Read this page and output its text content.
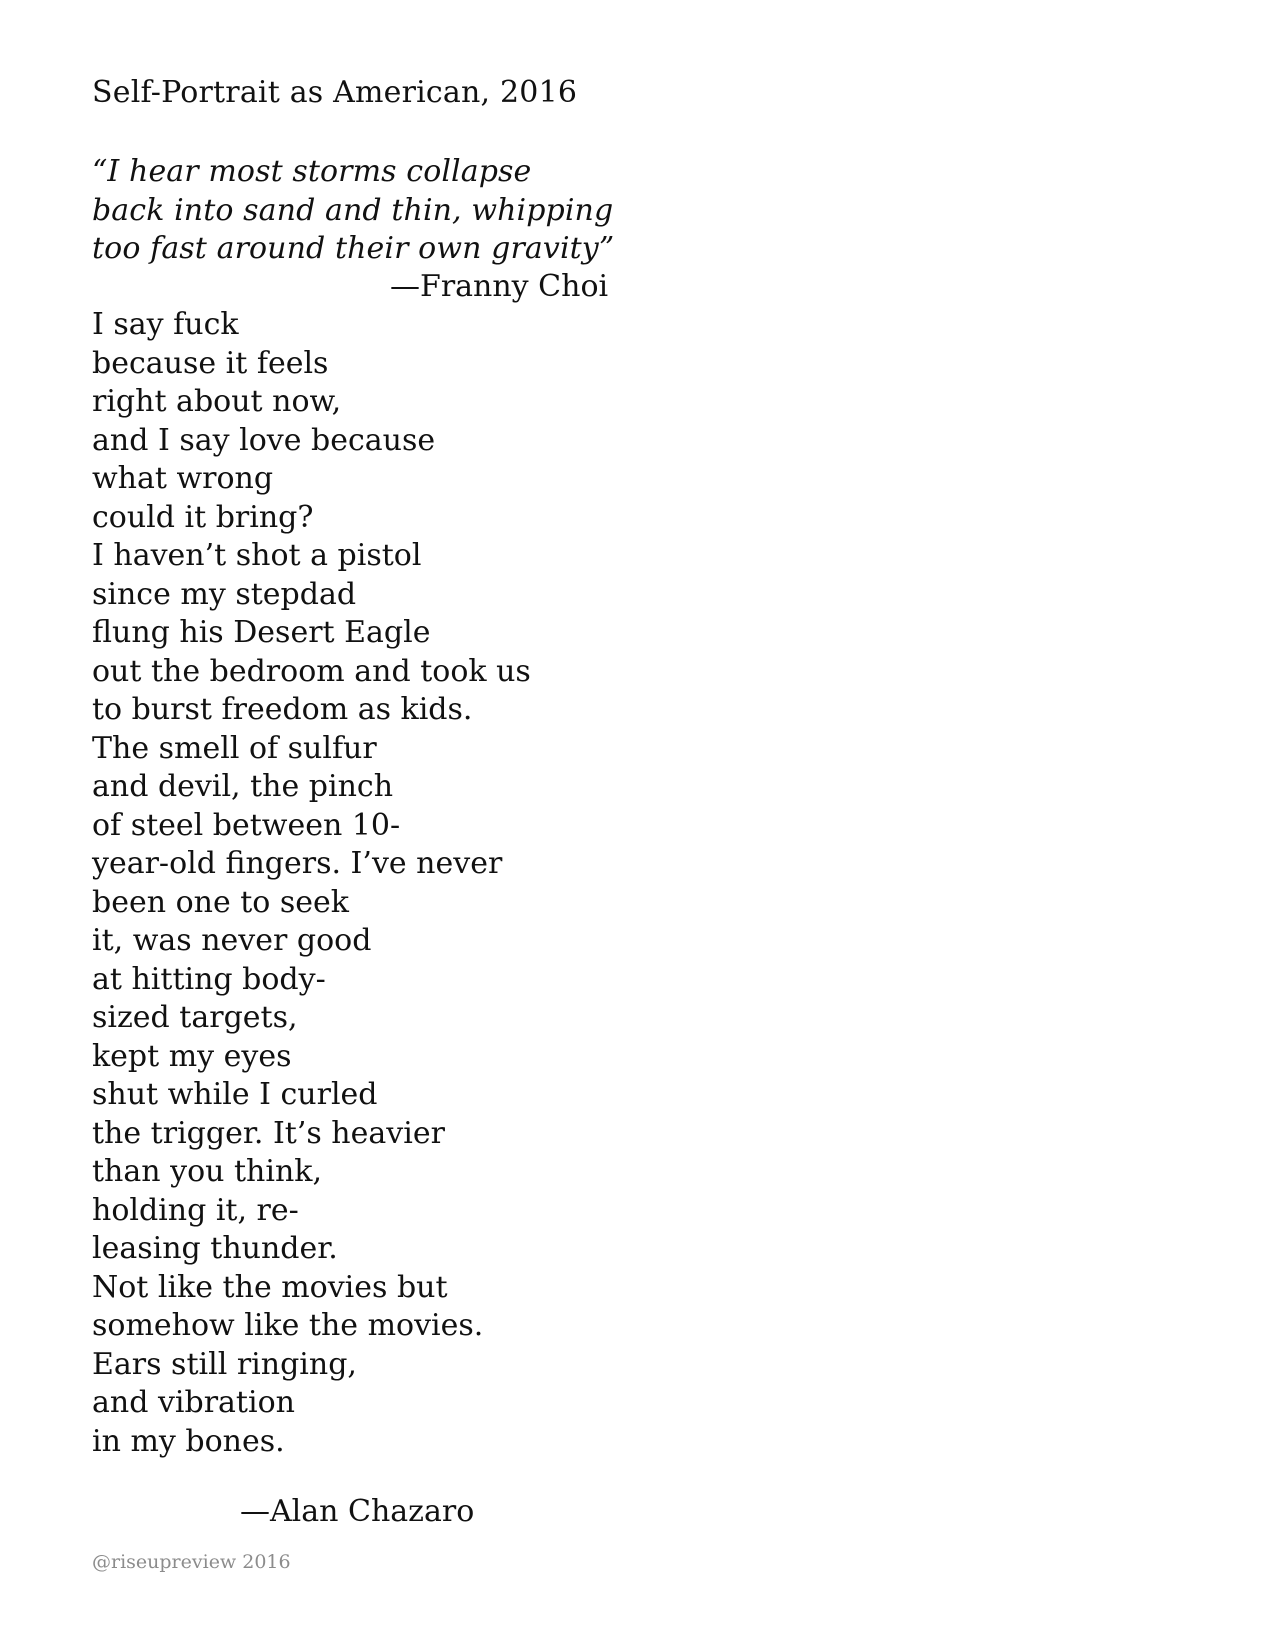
Self-Portrait as American, 2016
“I hear most storms collapse
back into sand and thin, whipping
too fast around their own gravity”
—Franny Choi
I say fuck
because it feels
right about now,
and I say love because
what wrong
could it bring?
I haven’t shot a pistol
since my stepdad
flung his Desert Eagle
out the bedroom and took us
to burst freedom as kids.
The smell of sulfur
and devil, the pinch
of steel between 10-
year-old fingers. I’ve never
been one to seek
it, was never good
at hitting body-
sized targets,
kept my eyes
shut while I curled
the trigger. It’s heavier
than you think,
holding it, re-
leasing thunder.
Not like the movies but
somehow like the movies.
Ears still ringing,
and vibration
in my bones.
—Alan Chazaro
@riseupreview 2016
